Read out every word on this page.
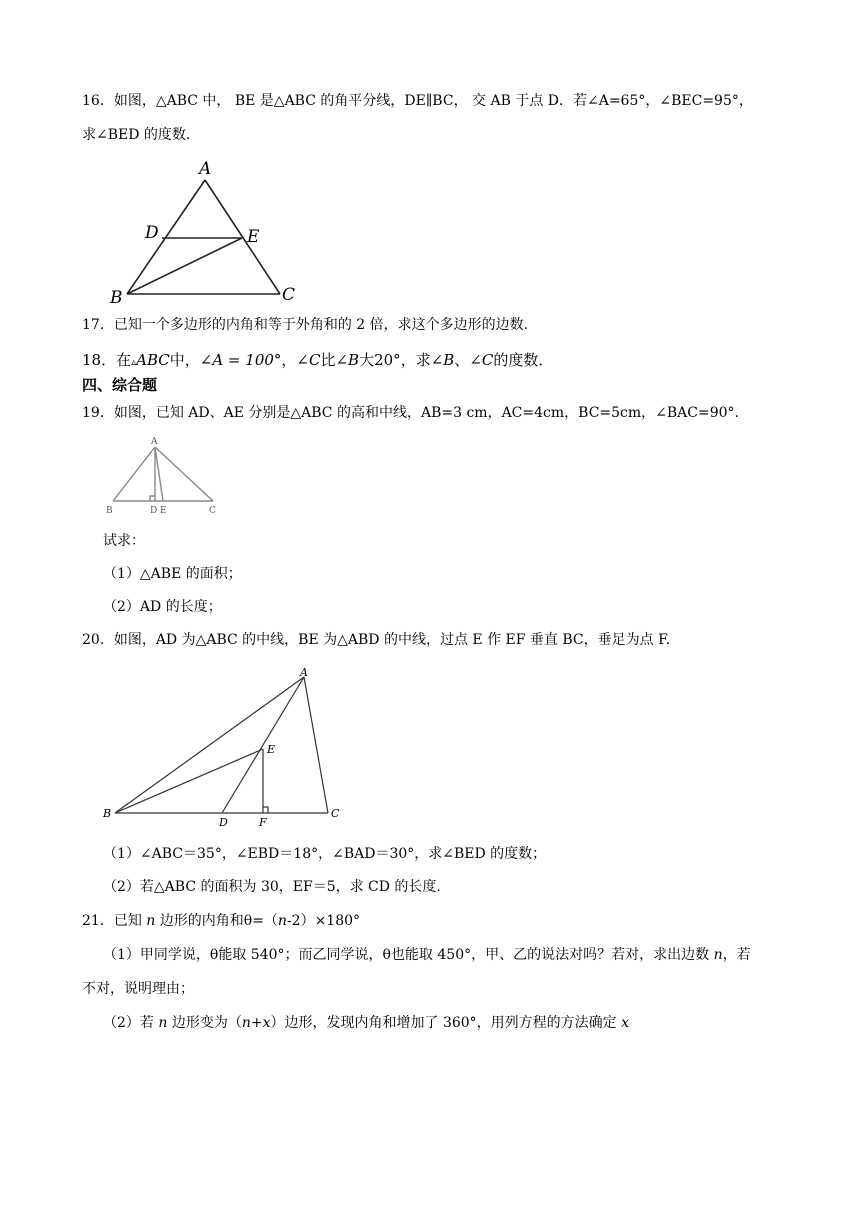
16．如图，△ABC 中， BE 是△ABC 的角平分线，DE∥BC， 交 AB 于点 D．若∠A=65°，∠BEC=95°，
求∠BED 的度数．
A
D	E
B	C
17．已知一个多边形的内角和等于外角和的 2 倍，求这个多边形的边数.
18．在▵ABC中，∠A = 100°，∠C比∠B大20°，求∠B、∠C的度数．
四、综合题
19．如图，已知 AD、AE 分别是△ABC 的高和中线，AB=3 cm，AC=4cm，BC=5cm，∠BAC=90°.
A
B	D E	C
试求：
（1）△ABE 的面积；
（2）AD 的长度；
20．如图，AD 为△ABC 的中线，BE 为△ABD 的中线，过点 E 作 EF 垂直 BC，垂足为点 F.
A
E
B
D	F
C
（1）∠ABC＝35°，∠EBD＝18°，∠BAD＝30°，求∠BED 的度数；
（2）若△ABC 的面积为 30，EF＝5，求 CD 的长度.
21．已知 n 边形的内角和θ=（n-2）×180°
（1）甲同学说，θ能取 540°；而乙同学说，θ也能取 450°，甲、乙的说法对吗？若对，求出边数 n，若
不对，说明理由；
（2）若 n 边形变为（n+x）边形，发现内角和增加了 360°，用列方程的方法确定 x
